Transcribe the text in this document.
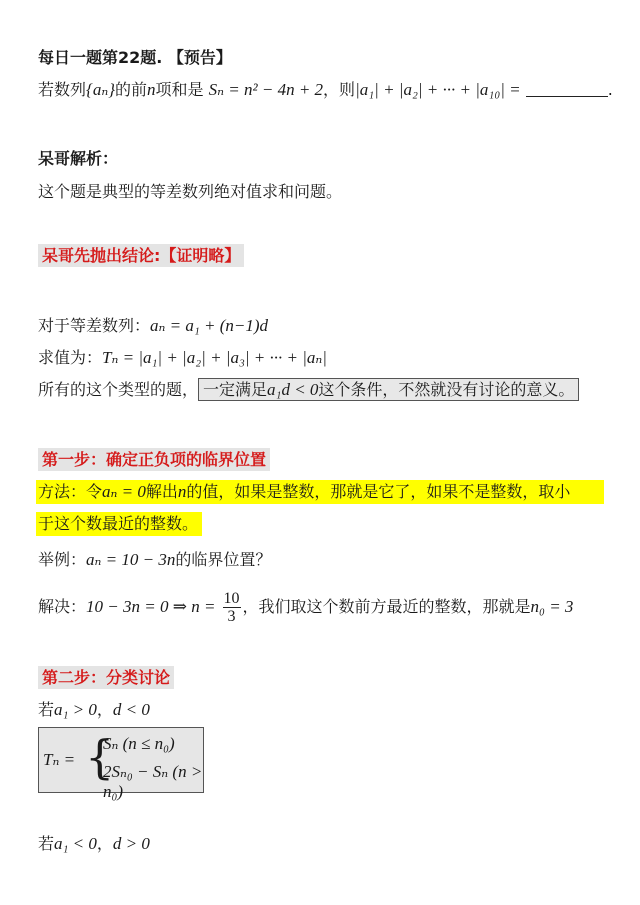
每日一题第22题. 【预告】
若数列{aₙ}的前n项和是 Sₙ = n² − 4n + 2，则|a₁| + |a₂| + ··· + |a₁₀| =	.
呆哥解析：
这个题是典型的等差数列绝对值求和问题。
呆哥先抛出结论:【证明略】
对于等差数列：aₙ = a₁ + (n−1)d
求值为：Tₙ = |a₁| + |a₂| + |a₃| + ··· + |aₙ|
所有的这个类型的题， 一定满足a₁d < 0这个条件，不然就没有讨论的意义。
第一步：确定正负项的临界位置
方法：令aₙ = 0解出n的值，如果是整数，那就是它了，如果不是整数，取小
于这个数最近的整数。
举例：aₙ = 10 − 3n的临界位置？
解决：10 − 3n = 0 ⇒ $n = \frac{10}{3}$ ，我们取这个数前方最近的整数，那就是n₀ = 3
第二步：分类讨论
若a₁ > 0，d < 0
Tₙ = {
Sₙ (n ≤ n₀)
2Sₙ₀ − Sₙ (n > n₀)
若a₁ < 0，d > 0
